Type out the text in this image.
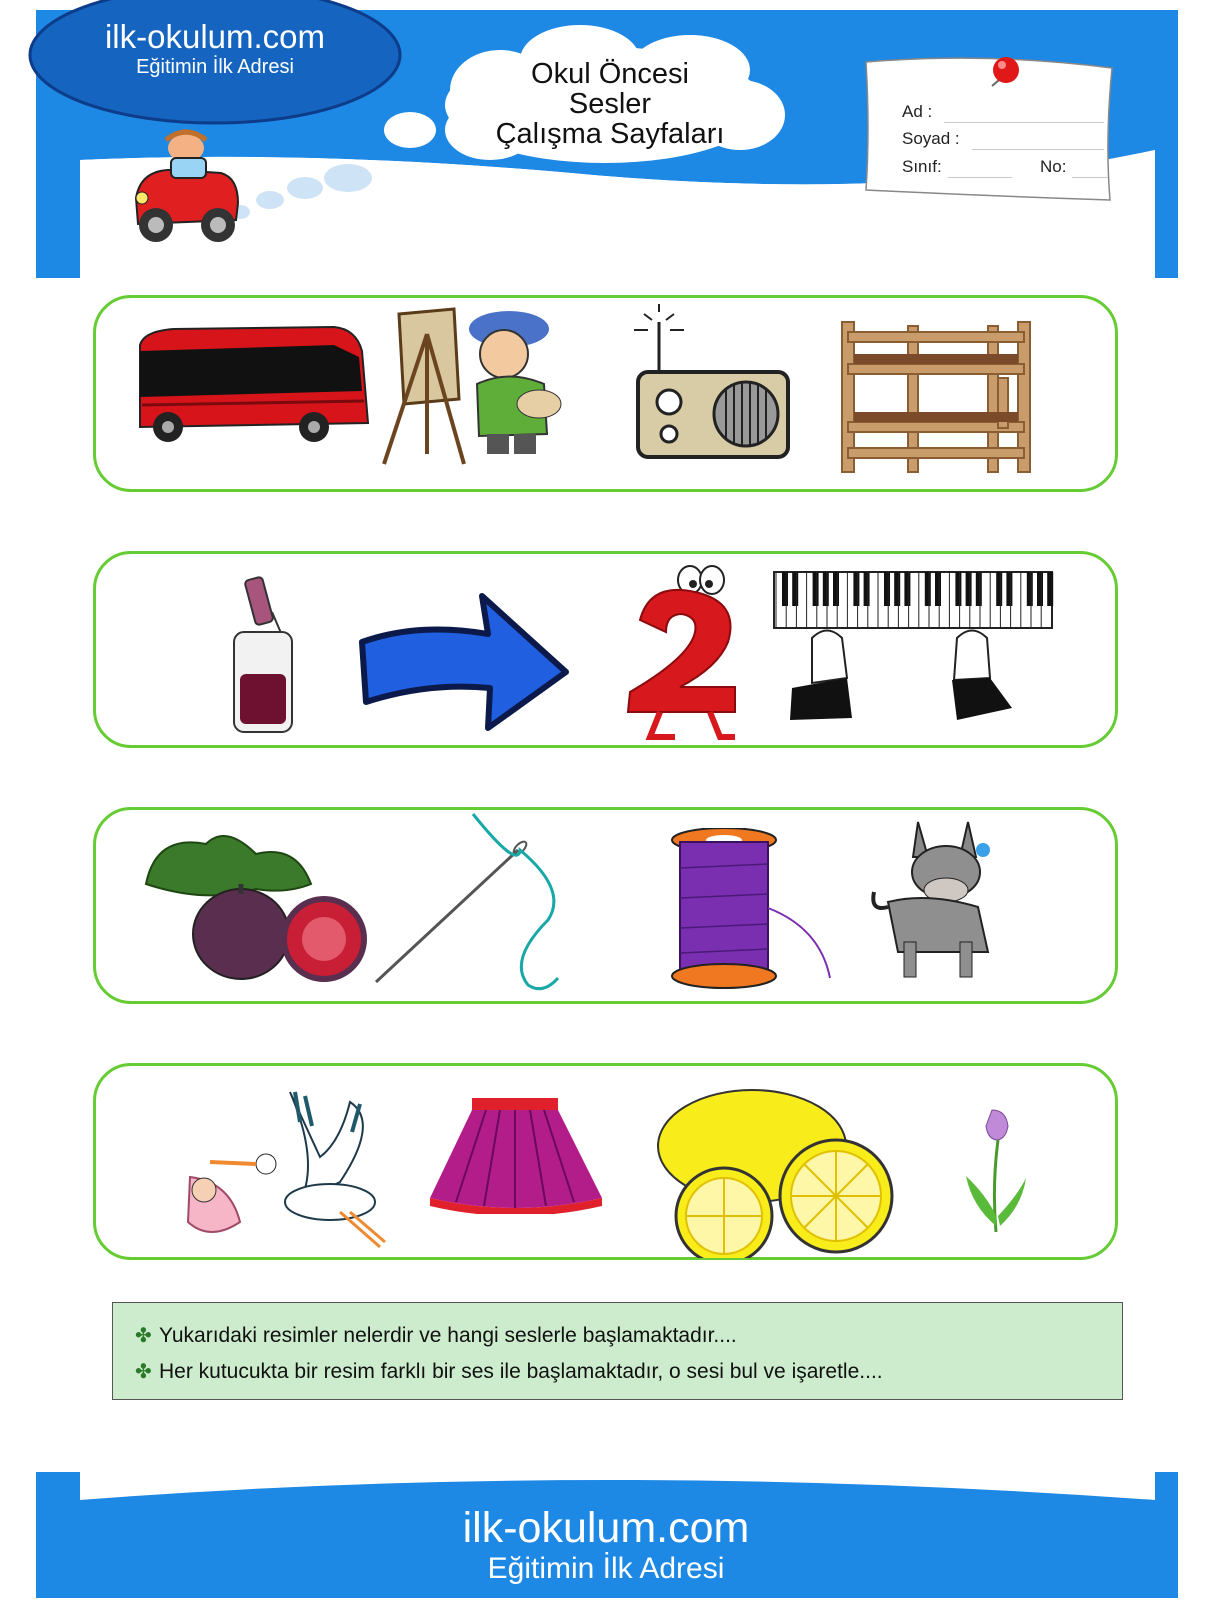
ilk-okulum.com
Eğitimin İlk Adresi	Okul Öncesi
Sesler
Çalışma Sayfaları
Ad :
Soyad :
Sınıf:	No:
✤ Yukarıdaki resimler nelerdir ve hangi seslerle başlamaktadır....
✤ Her kutucukta bir resim farklı bir ses ile başlamaktadır, o sesi bul ve işaretle....
ilk-okulum.com
Eğitimin İlk Adresi
